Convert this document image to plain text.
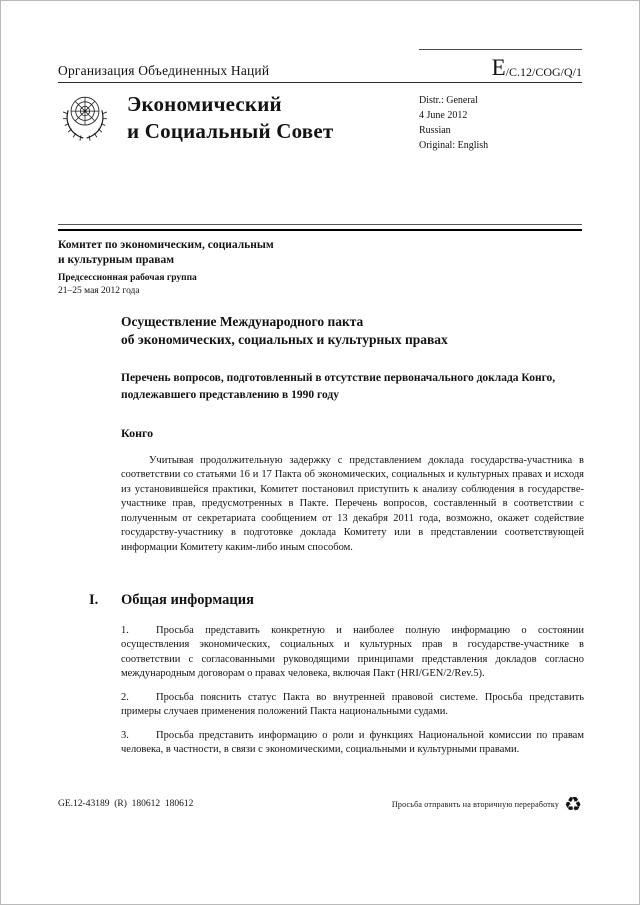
Организация Объединенных Наций	E /C.12/COG/Q/1
Экономический
и Социальный Совет
Distr.: General
4 June 2012
Russian
Original: English
Комитет по экономическим, социальным
и культурным правам
Предсессионная рабочая группа
21–25 мая 2012 года
Осуществление Международного пакта
об экономических, социальных и культурных правах
Перечень вопросов, подготовленный в отсутствие первоначального доклада Конго, подлежавшего представлению в 1990 году
Конго
Учитывая продолжительную задержку с представлением доклада государства-участника в соответствии со статьями 16 и 17 Пакта об экономических, социальных и культурных правах и исходя из установившейся практики, Комитет постановил приступить к анализу соблюдения в государстве-участнике прав, предусмотренных в Пакте. Перечень вопросов, составленный в соответствии с полученным от секретариата сообщением от 13 декабря 2011 года, возможно, окажет содействие государству-участнику в подготовке доклада Комитету или в представлении соответствующей информации Комитету каким-либо иным способом.
I. Общая информация

1.	Просьба представить конкретную и наиболее полную информацию о состоянии осуществления экономических, социальных и культурных прав в государстве-участнике в соответствии с согласованными руководящими принципами представления докладов согласно международным договорам о правах человека, включая Пакт (HRI/GEN/2/Rev.5).

2.	Просьба пояснить статус Пакта во внутренней правовой системе. Просьба представить примеры случаев применения положений Пакта национальными судами.

3.	Просьба представить информацию о роли и функциях Национальной комиссии по правам человека, в частности, в связи с экономическими, социальными и культурными правами.

GE.12-43189  (R)  180612  180612	Просьба отправить на вторичную переработку ♻
